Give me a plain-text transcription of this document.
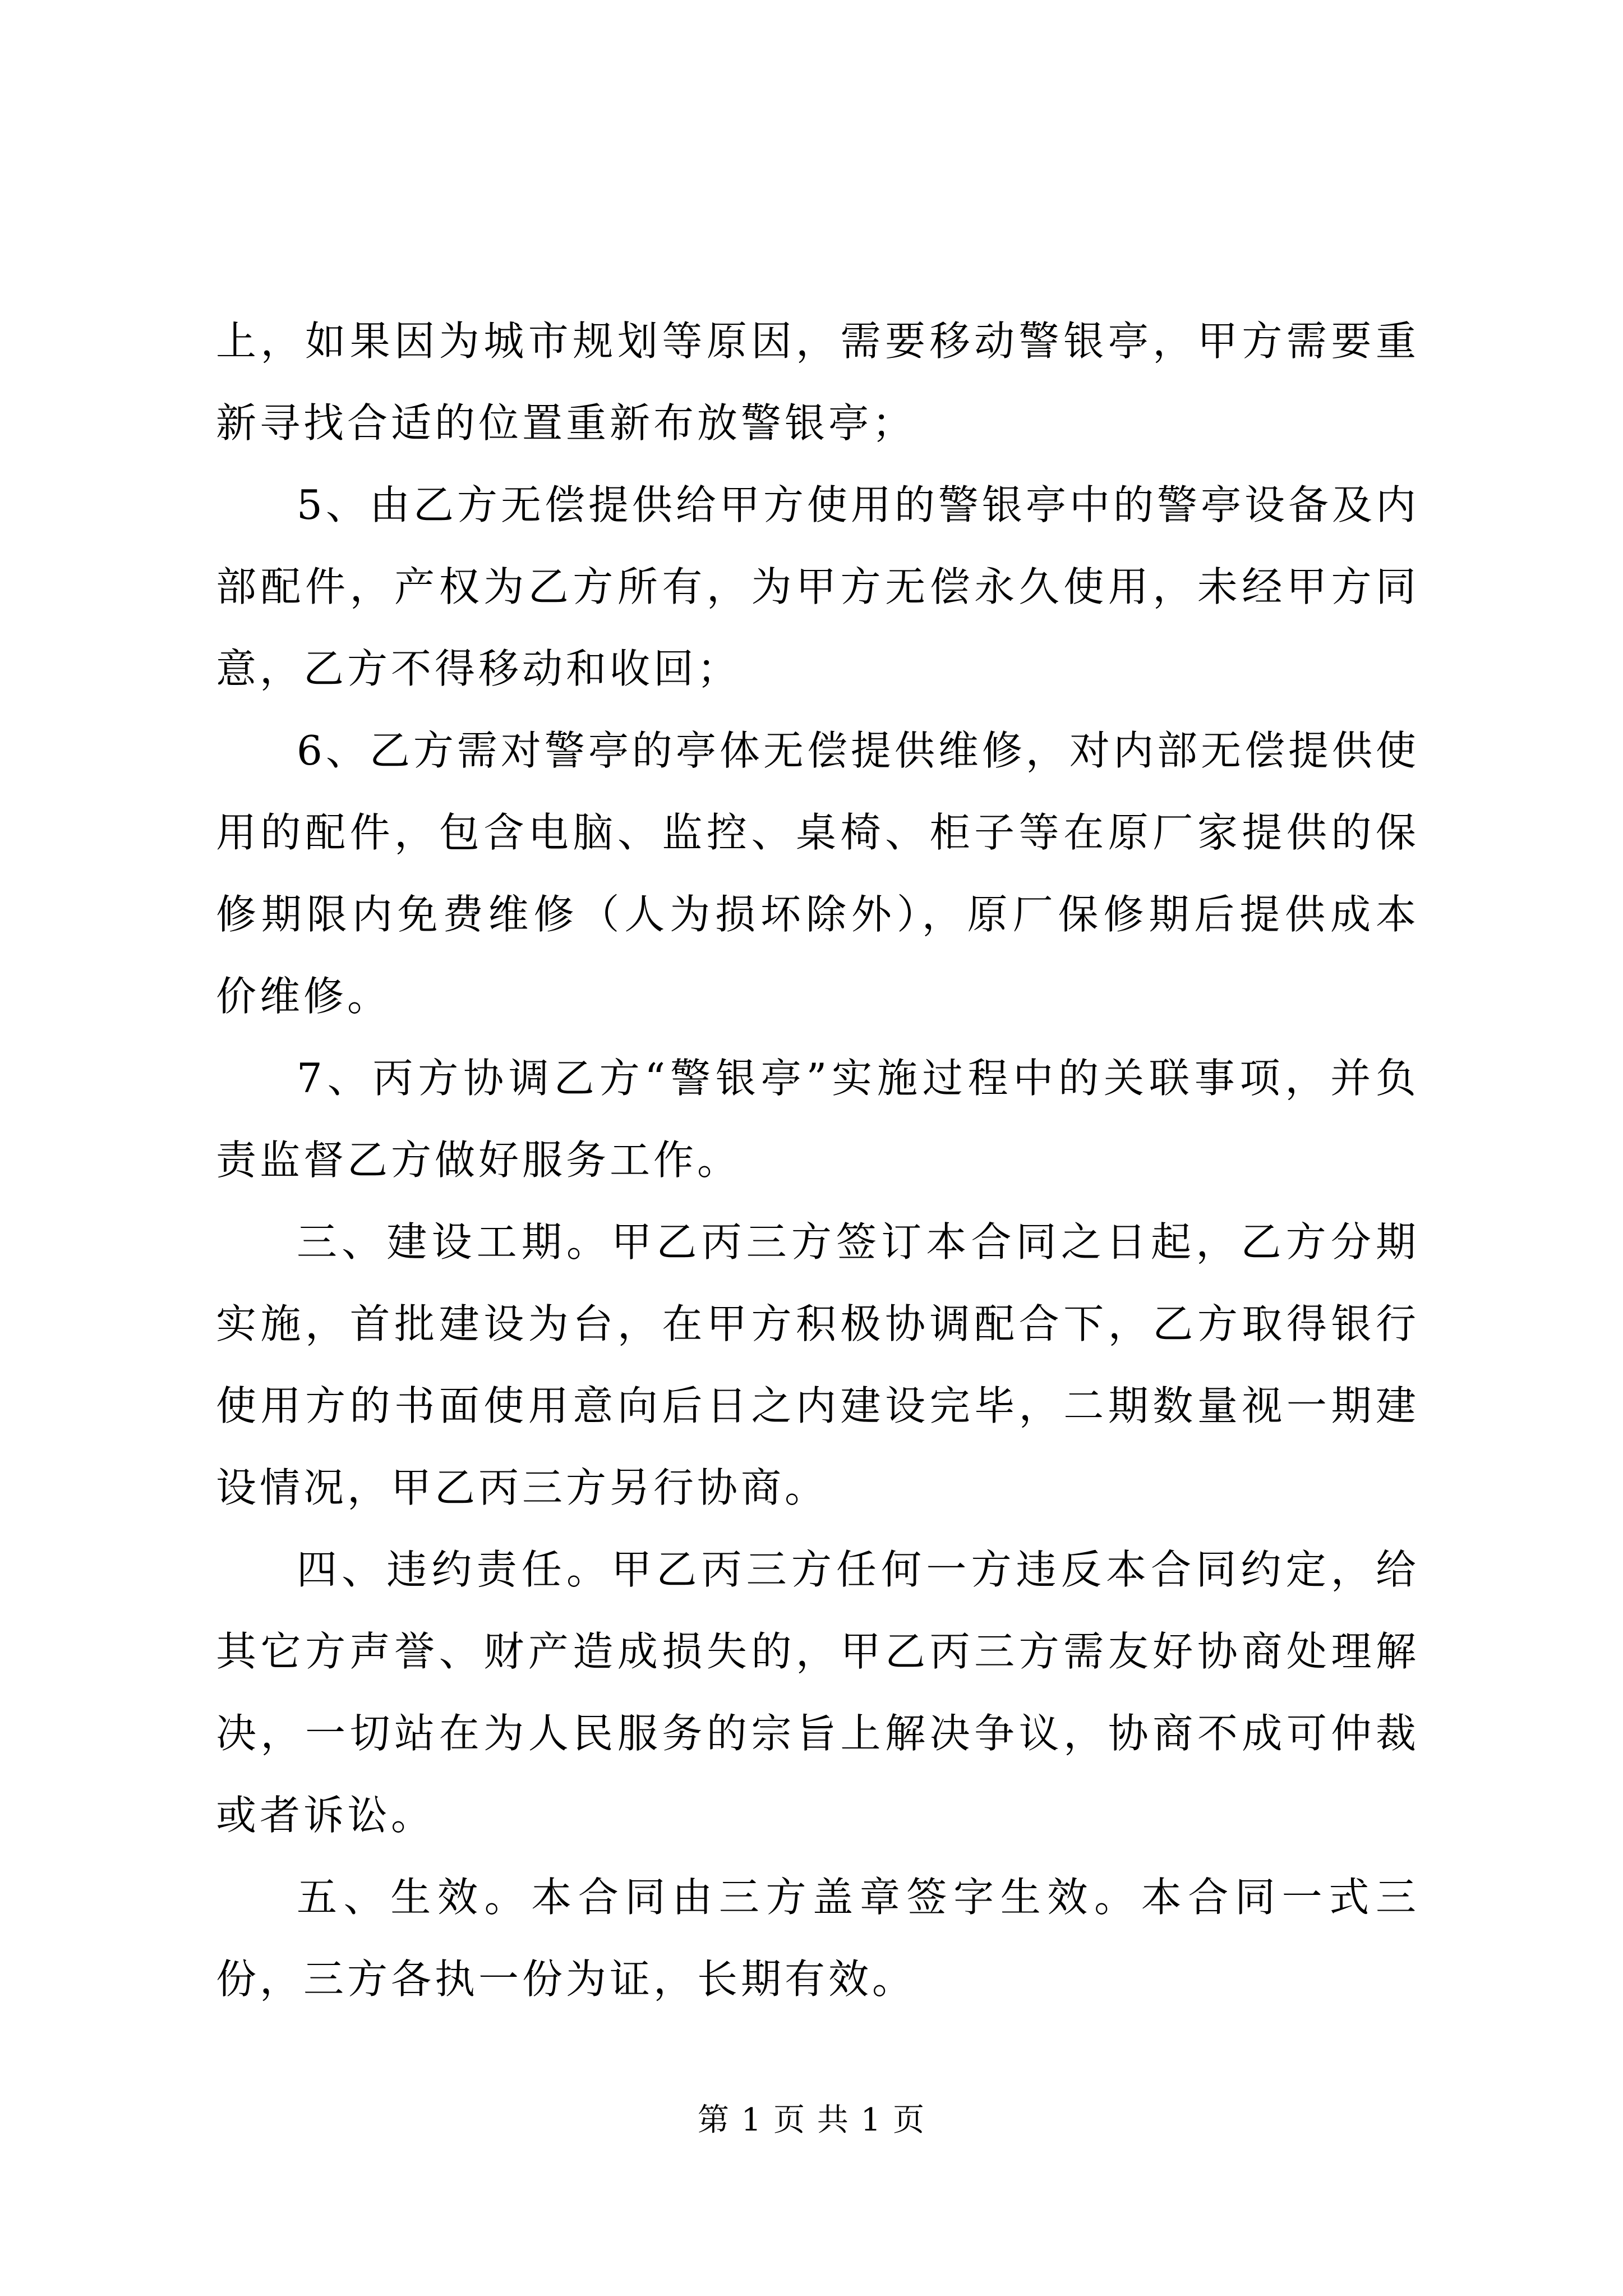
上，如果因为城市规划等原因，需要移动警银亭，甲方需要重新寻找合适的位置重新布放警银亭；

5、由乙方无偿提供给甲方使用的警银亭中的警亭设备及内部配件，产权为乙方所有，为甲方无偿永久使用，未经甲方同意，乙方不得移动和收回；

6、乙方需对警亭的亭体无偿提供维修，对内部无偿提供使用的配件，包含电脑、监控、桌椅、柜子等在原厂家提供的保修期限内免费维修（人为损坏除外），原厂保修期后提供成本价维修。

7、丙方协调乙方“警银亭”实施过程中的关联事项，并负责监督乙方做好服务工作。

三、建设工期。甲乙丙三方签订本合同之日起，乙方分期实施，首批建设为台，在甲方积极协调配合下，乙方取得银行使用方的书面使用意向后日之内建设完毕，二期数量视一期建设情况，甲乙丙三方另行协商。

四、违约责任。甲乙丙三方任何一方违反本合同约定，给其它方声誉、财产造成损失的，甲乙丙三方需友好协商处理解决，一切站在为人民服务的宗旨上解决争议，协商不成可仲裁或者诉讼。

五、生效。本合同由三方盖章签字生效。本合同一式三份，三方各执一份为证，长期有效。

第 1 页 共 1 页
